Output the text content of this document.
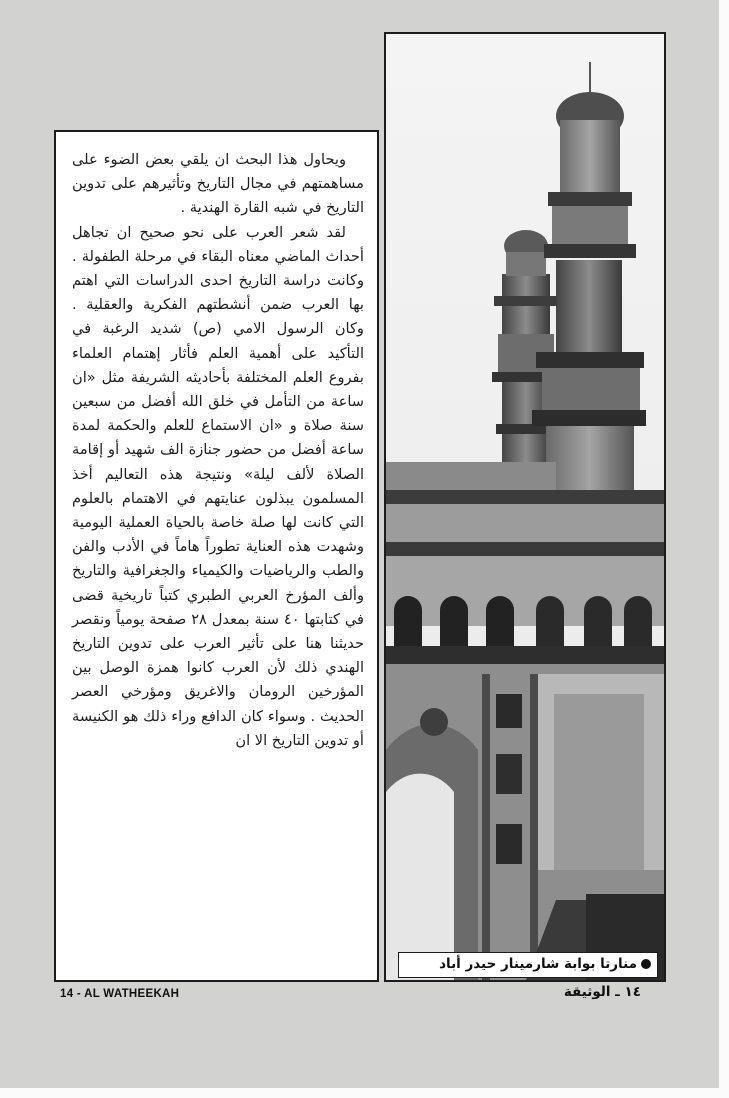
ويحاول هذا البحث ان يلقي بعض الضوء على مساهمتهم في مجال التاريخ وتأثيرهم على تدوين التاريخ في شبه القارة الهندية .

لقد شعر العرب على نحو صحيح ان تجاهل أحداث الماضي معناه البقاء في مرحلة الطفولة . وكانت دراسة التاريخ احدى الدراسات التي اهتم بها العرب ضمن أنشطتهم الفكرية والعقلية . وكان الرسول الامي (ص) شديد الرغبة في التأكيد على أهمية العلم فأثار إهتمام العلماء بفروع العلم المختلفة بأحاديثه الشريفة مثل «ان ساعة من التأمل في خلق الله أفضل من سبعين سنة صلاة و «ان الاستماع للعلم والحكمة لمدة ساعة أفضل من حضور جنازة الف شهيد أو إقامة الصلاة لألف ليلة» ونتيجة هذه التعاليم أخذ المسلمون يبذلون عنايتهم في الاهتمام بالعلوم التي كانت لها صلة خاصة بالحياة العملية اليومية وشهدت هذه العناية تطوراً هاماً في الأدب والفن والطب والرياضيات والكيمياء والجغرافية والتاريخ وألف المؤرخ العربي الطبري كتباً تاريخية قضى في كتابتها ٤٠ سنة بمعدل ٢٨ صفحة يومياً ونقصر حديثنا هنا على تأثير العرب على تدوين التاريخ الهندي ذلك لأن العرب كانوا همزة الوصل بين المؤرخين الرومان والاغريق ومؤرخي العصر الحديث . وسواء كان الدافع وراء ذلك هو الكنيسة أو تدوين التاريخ الا ان

منارتا بوابة شارمينار حيدر أباد
14 - AL WATHEEKAH	١٤ ـ الوثيقة
